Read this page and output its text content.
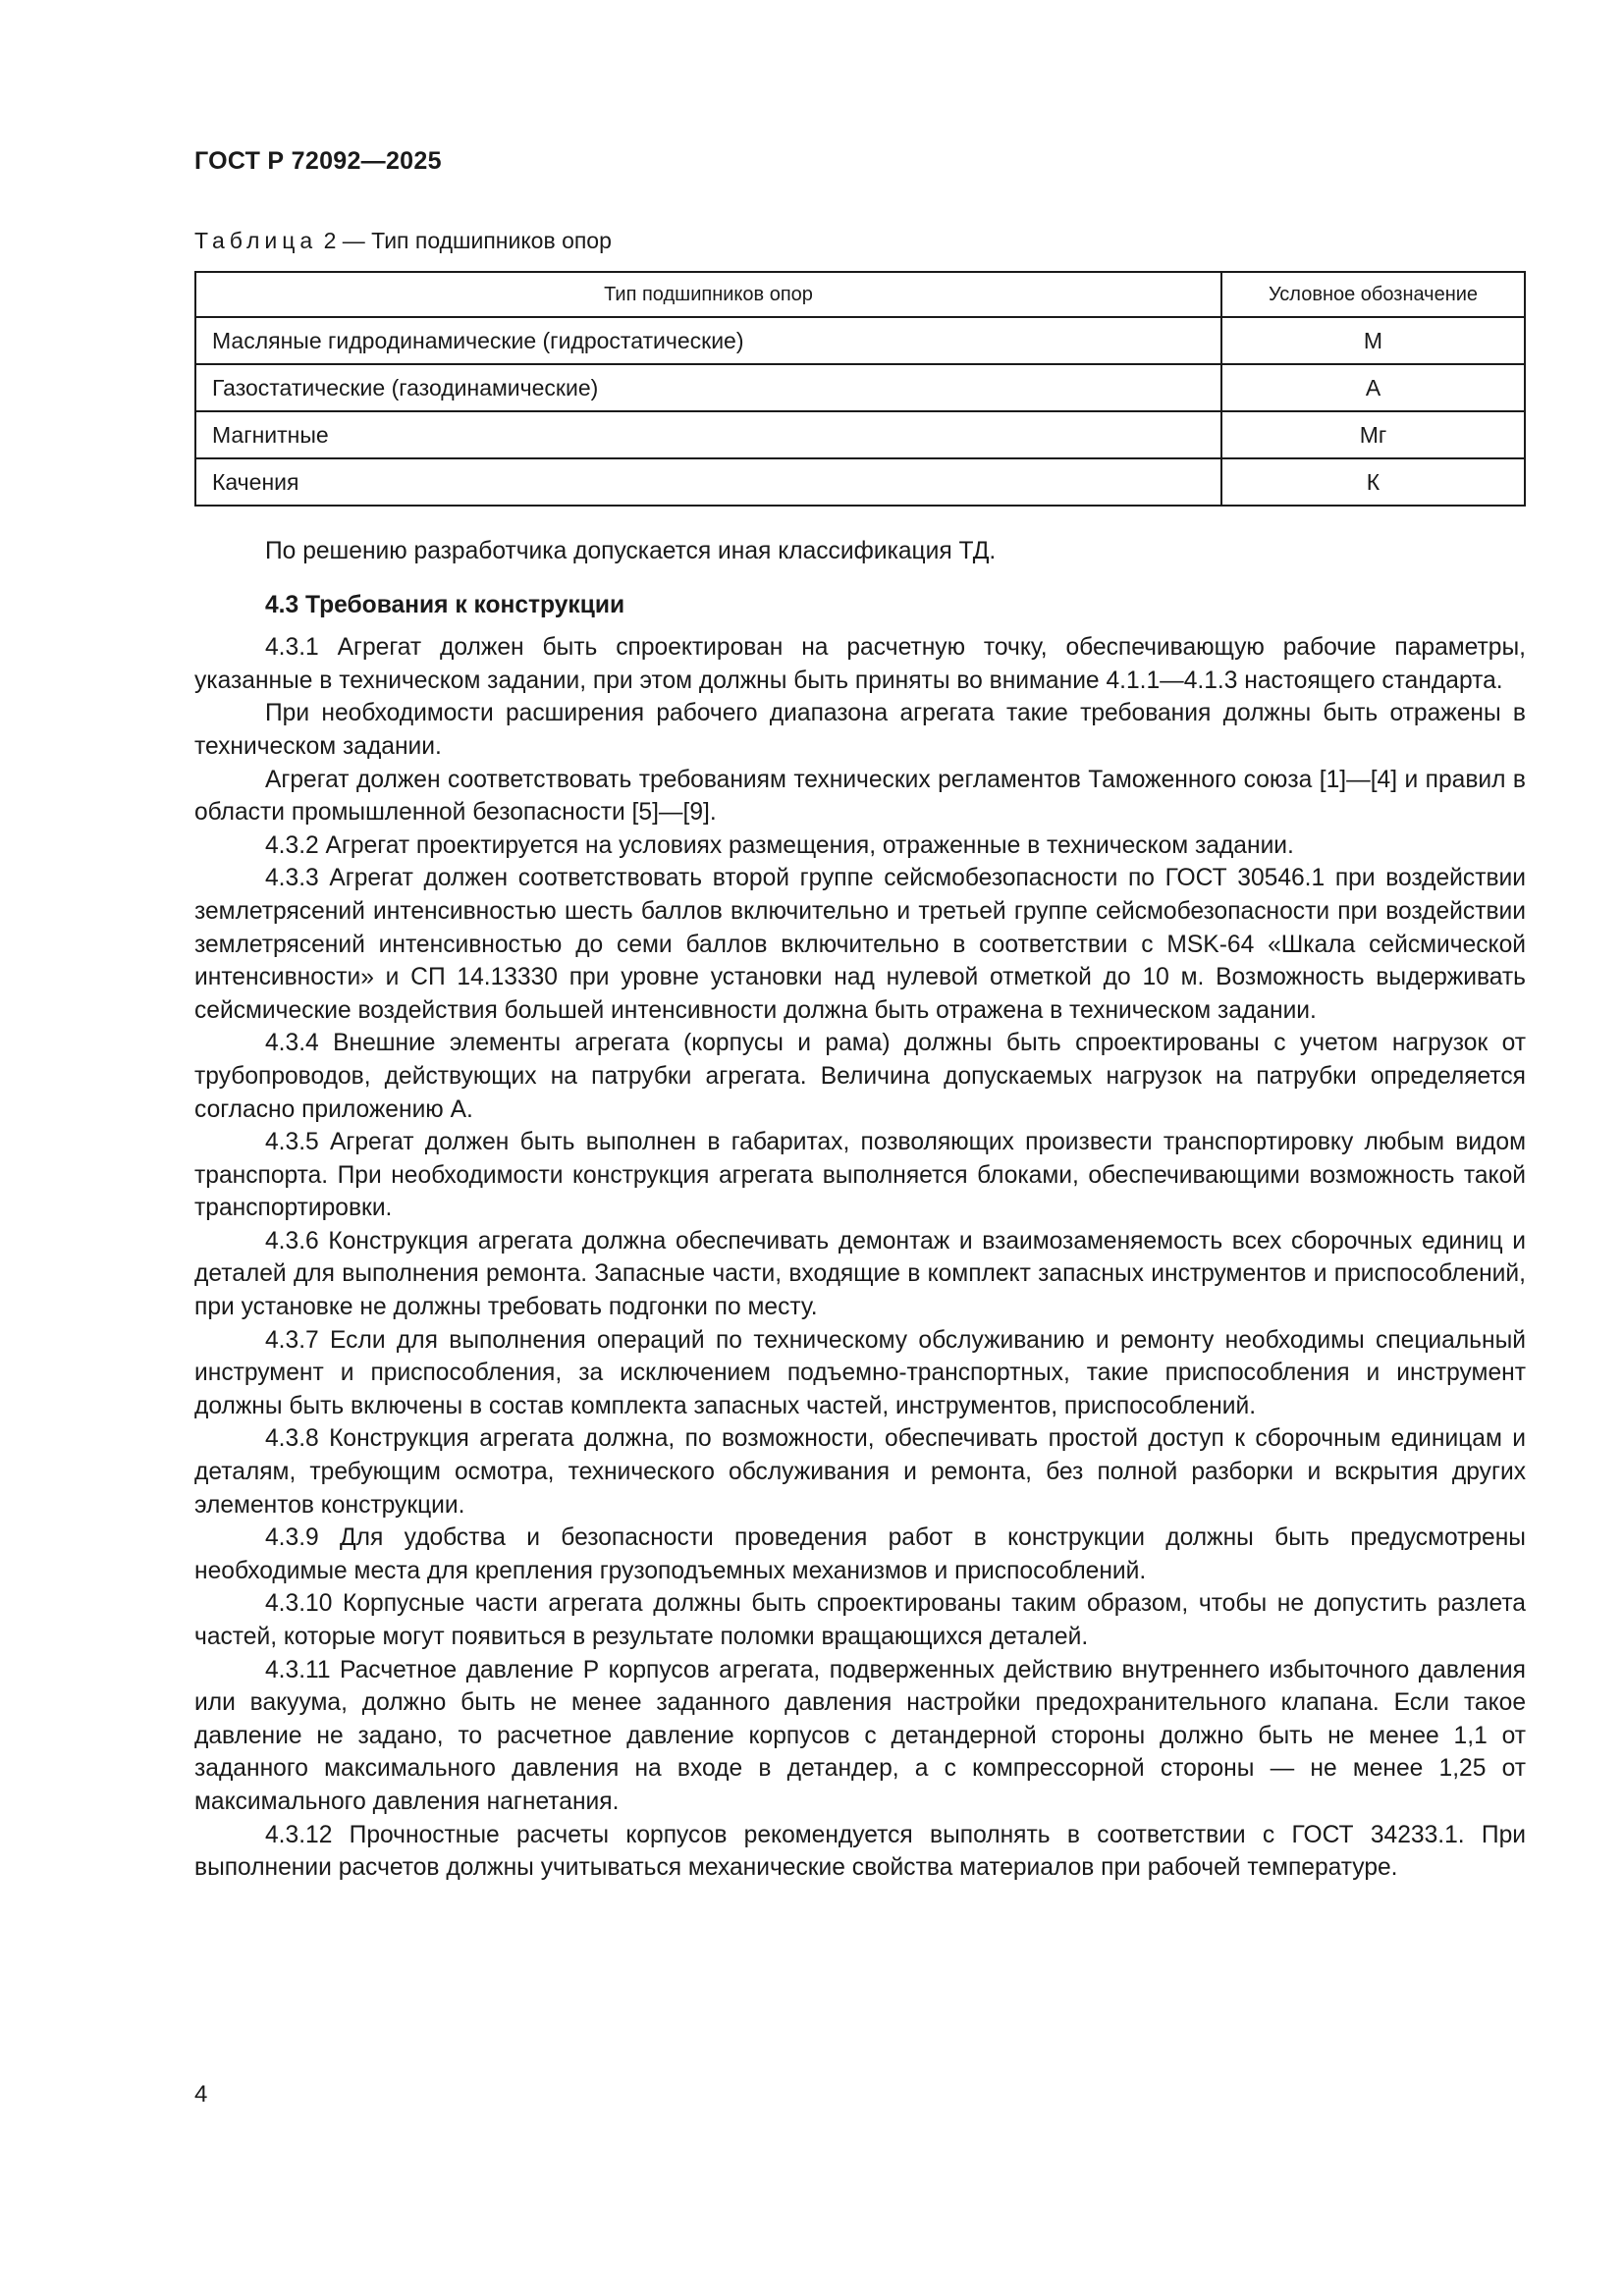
ГОСТ Р 72092—2025
Таблица 2 — Тип подшипников опор
Тип подшипников опор	Условное обозначение
Масляные гидродинамические (гидростатические)	М
Газостатические (газодинамические)	А
Магнитные	Мг
Качения	К

По решению разработчика допускается иная классификация ТД.

4.3 Требования к конструкции

4.3.1 Агрегат должен быть спроектирован на расчетную точку, обеспечивающую рабочие параметры, указанные в техническом задании, при этом должны быть приняты во внимание 4.1.1—4.1.3 настоящего стандарта.

При необходимости расширения рабочего диапазона агрегата такие требования должны быть отражены в техническом задании.

Агрегат должен соответствовать требованиям технических регламентов Таможенного союза [1]—[4] и правил в области промышленной безопасности [5]—[9].

4.3.2 Агрегат проектируется на условиях размещения, отраженные в техническом задании.

4.3.3 Агрегат должен соответствовать второй группе сейсмобезопасности по ГОСТ 30546.1 при воздействии землетрясений интенсивностью шесть баллов включительно и третьей группе сейсмобезопасности при воздействии землетрясений интенсивностью до семи баллов включительно в соответствии с MSK-64 «Шкала сейсмической интенсивности» и СП 14.13330 при уровне установки над нулевой отметкой до 10 м. Возможность выдерживать сейсмические воздействия большей интенсивности должна быть отражена в техническом задании.

4.3.4 Внешние элементы агрегата (корпусы и рама) должны быть спроектированы с учетом нагрузок от трубопроводов, действующих на патрубки агрегата. Величина допускаемых нагрузок на патрубки определяется согласно приложению А.

4.3.5 Агрегат должен быть выполнен в габаритах, позволяющих произвести транспортировку любым видом транспорта. При необходимости конструкция агрегата выполняется блоками, обеспечивающими возможность такой транспортировки.

4.3.6 Конструкция агрегата должна обеспечивать демонтаж и взаимозаменяемость всех сборочных единиц и деталей для выполнения ремонта. Запасные части, входящие в комплект запасных инструментов и приспособлений, при установке не должны требовать подгонки по месту.

4.3.7 Если для выполнения операций по техническому обслуживанию и ремонту необходимы специальный инструмент и приспособления, за исключением подъемно-транспортных, такие приспособления и инструмент должны быть включены в состав комплекта запасных частей, инструментов, приспособлений.

4.3.8 Конструкция агрегата должна, по возможности, обеспечивать простой доступ к сборочным единицам и деталям, требующим осмотра, технического обслуживания и ремонта, без полной разборки и вскрытия других элементов конструкции.

4.3.9 Для удобства и безопасности проведения работ в конструкции должны быть предусмотрены необходимые места для крепления грузоподъемных механизмов и приспособлений.

4.3.10 Корпусные части агрегата должны быть спроектированы таким образом, чтобы не допустить разлета частей, которые могут появиться в результате поломки вращающихся деталей.

4.3.11 Расчетное давление Р корпусов агрегата, подверженных действию внутреннего избыточного давления или вакуума, должно быть не менее заданного давления настройки предохранительного клапана. Если такое давление не задано, то расчетное давление корпусов с детандерной стороны должно быть не менее 1,1 от заданного максимального давления на входе в детандер, а с компрессорной стороны — не менее 1,25 от максимального давления нагнетания.

4.3.12 Прочностные расчеты корпусов рекомендуется выполнять в соответствии с ГОСТ 34233.1. При выполнении расчетов должны учитываться механические свойства материалов при рабочей температуре.

4
